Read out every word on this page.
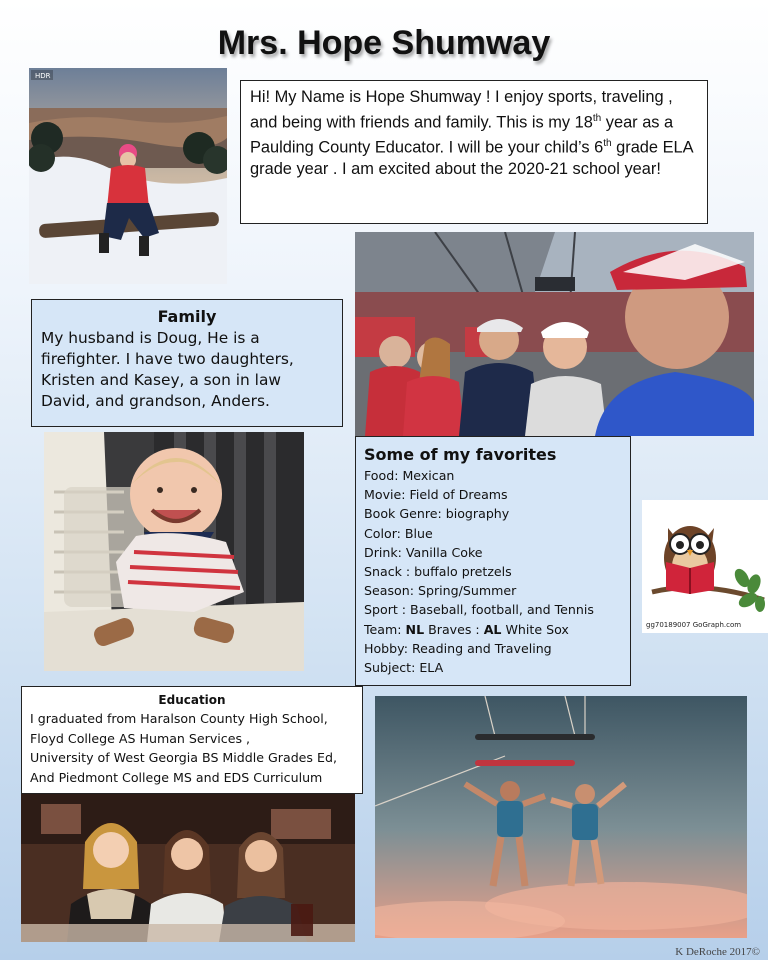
Mrs. Hope Shumway
HDR
Hi! My Name is Hope Shumway ! I enjoy sports, traveling , and being with friends and family. This is my 18th year as a Paulding County Educator. I will be your child’s 6th grade ELA grade year . I am excited about the 2020-21 school year!
Family
My husband is Doug, He is a firefighter. I have two daughters, Kristen and Kasey, a son in law David, and grandson, Anders.
Some of my favorites
Food: Mexican
Movie: Field of Dreams
Book Genre: biography
Color: Blue
Drink: Vanilla Coke
Snack : buffalo pretzels
Season: Spring/Summer
Sport : Baseball, football, and Tennis
Team: NL Braves : AL White Sox
Hobby: Reading and Traveling
Subject: ELA
gg70189007 GoGraph.com
Education
I graduated from Haralson County High School,
Floyd College AS Human Services ,
University of West Georgia BS Middle Grades Ed,
And Piedmont College MS and EDS Curriculum
K DeRoche 2017©
